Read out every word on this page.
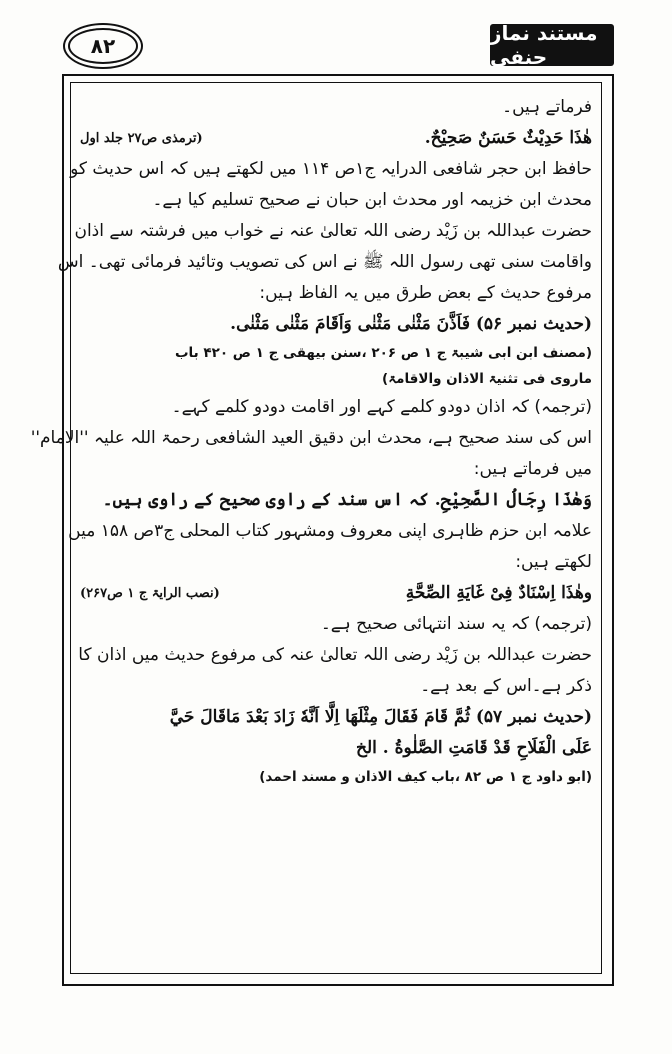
۸۲
مستند نماز حنفی
فرماتے ہیں۔
هٰذَا حَدِيْثٌ حَسَنٌ صَحِيْحٌ.
(ترمذی ص۲۷ جلد اول
حافظ ابن حجر شافعی الدرایہ ج۱ص ۱۱۴ میں لکھتے ہیں کہ اس حدیث کو
محدث ابن خزیمہ اور محدث ابن حبان نے صحیح تسلیم کیا ہے۔
حضرت عبداللہ بن زَیْد رضی اللہ تعالیٰ عنہ نے خواب میں فرشتہ سے اذان
واقامت سنی تھی رسول اللہ ﷺ نے اس کی تصویب وتائید فرمائی تھی۔ اس
مرفوع حدیث کے بعض طرق میں یہ الفاظ ہیں:
(حدیث نمبر ۵۶) فَاَذَّنَ مَثْنٰى مَثْنٰى وَاَقَامَ مَثْنٰى مَثْنٰى.
(مصنف ابن ابی شیبۃ ج ۱ ص ۲۰۶ ،سنن بیهقی ج ۱ ص ۴۲۰ باب
ماروی فی تثنیۃ الاذان والاقامۃ)
(ترجمہ) کہ اذان دودو کلمے کہے اور اقامت دودو کلمے کہے۔
اس کی سند صحیح ہے، محدث ابن دقیق العید الشافعی رحمۃ اللہ علیہ ''الامام''
میں فرماتے ہیں:
وَهٰذَا رِجَالُ الصَّحِيْحِ. کہ اس سند کے راوی صحیح کے راوی ہیں۔
علامہ ابن حزم ظاہری اپنی معروف ومشہور کتاب المحلی ج۳ص ۱۵۸ میں
لکھتے ہیں:
وهٰذَا اِسْنَادٌ فِیْ غَايَةِ الصِّحَّةِ
(نصب الرایۃ ج ۱ ص۲۶۷)
(ترجمہ) کہ یہ سند انتہائی صحیح ہے۔
حضرت عبداللہ بن زَیْد رضی اللہ تعالیٰ عنہ کی مرفوع حدیث میں اذان کا
ذکر ہے۔اس کے بعد ہے۔
(حدیث نمبر ۵۷) ثُمَّ قَامَ فَقَالَ مِثْلَهَا اِلَّا اَنَّهٗ زَادَ بَعْدَ مَاقَالَ حَيَّ
عَلَى الْفَلَاحِ قَدْ قَامَتِ الصَّلٰوةُ . الخ
(ابو داود ج ۱ ص ۸۲ ،باب کیف الاذان و مسند احمد)
